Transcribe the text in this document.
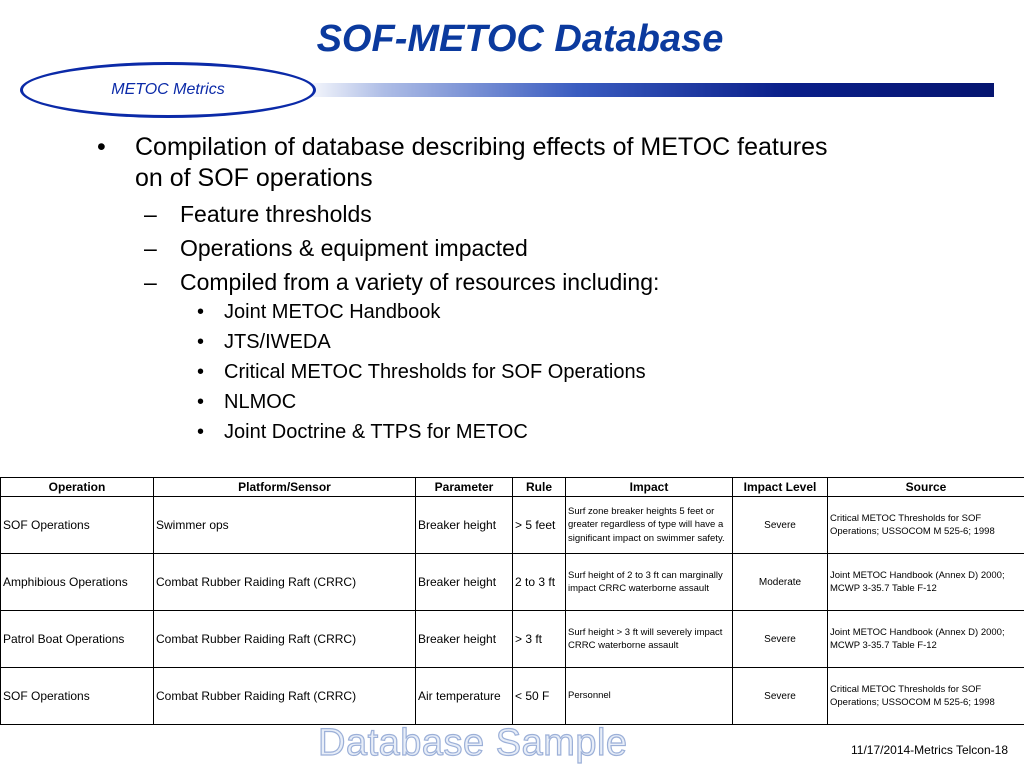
SOF-METOC Database
METOC Metrics
• Compilation of database describing effects of METOC features on of SOF operations
– Feature thresholds
– Operations & equipment impacted
– Compiled from a variety of resources including:
• Joint METOC Handbook
• JTS/IWEDA
• Critical METOC Thresholds for SOF Operations
• NLMOC
• Joint Doctrine & TTPS for METOC
Operation	Platform/Sensor	Parameter	Rule	Impact	Impact Level	Source
SOF Operations	Swimmer ops	Breaker height	> 5 feet	Surf zone breaker heights 5 feet or greater regardless of type will have a significant impact on swimmer safety.	Severe	Critical METOC Thresholds for SOF Operations; USSOCOM M 525-6; 1998
Amphibious Operations	Combat Rubber Raiding Raft (CRRC)	Breaker height	2 to 3 ft	Surf height of 2 to 3 ft can marginally impact CRRC waterborne assault	Moderate	Joint METOC Handbook (Annex D) 2000; MCWP 3-35.7 Table F-12
Patrol Boat Operations	Combat Rubber Raiding Raft (CRRC)	Breaker height	> 3 ft	Surf height > 3 ft will severely impact CRRC waterborne assault	Severe	Joint METOC Handbook (Annex D) 2000; MCWP 3-35.7 Table F-12
SOF Operations	Combat Rubber Raiding Raft (CRRC)	Air temperature	< 50 F	Personnel	Severe	Critical METOC Thresholds for SOF Operations; USSOCOM M 525-6; 1998
Database Sample	11/17/2014-Metrics Telcon-18
